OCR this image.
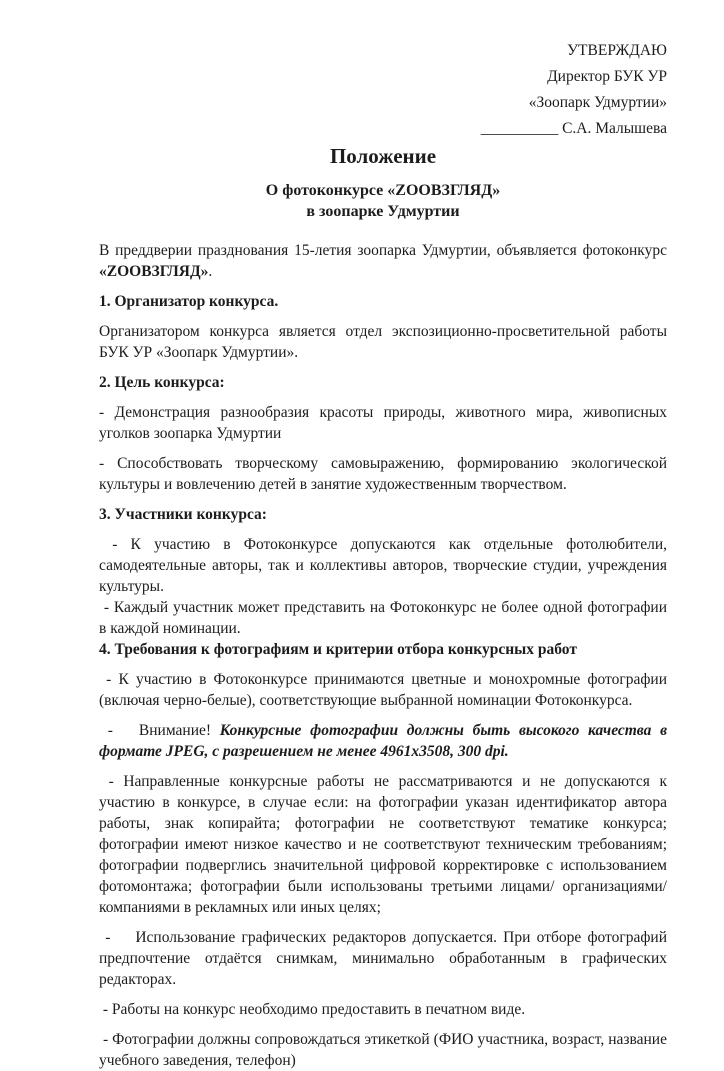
УТВЕРЖДАЮ
Директор БУК УР
«Зоопарк Удмуртии»
__________ С.А. Малышева
Положение
О фотоконкурсе «ZООВЗГЛЯД»
в зоопарке Удмуртии

В преддверии празднования 15-летия зоопарка Удмуртии, объявляется фотоконкурс «ZООВЗГЛЯД».

1. Организатор конкурса.

Организатором конкурса является отдел экспозиционно-просветительной работы БУК УР «Зоопарк Удмуртии».

2. Цель конкурса:

- Демонстрация разнообразия красоты природы, животного мира, живописных уголков зоопарка Удмуртии

- Способствовать творческому самовыражению, формированию экологической культуры и вовлечению детей в занятие художественным творчеством.

3. Участники конкурса:

- К участию в Фотоконкурсе допускаются как отдельные фотолюбители, самодеятельные авторы, так и коллективы авторов, творческие студии, учреждения культуры.

- Каждый участник может представить на Фотоконкурс не более одной фотографии в каждой номинации.

4. Требования к фотографиям и критерии отбора конкурсных работ

- К участию в Фотоконкурсе принимаются цветные и монохромные фотографии (включая черно-белые), соответствующие выбранной номинации Фотоконкурса.

-   Внимание! Конкурсные фотографии должны быть высокого качества в формате JPEG, с разрешением не менее 4961х3508, 300 dpi.

- Направленные конкурсные работы не рассматриваются и не допускаются к участию в конкурсе, в случае если: на фотографии указан идентификатор автора работы, знак копирайта; фотографии не соответствуют тематике конкурса; фотографии имеют низкое качество и не соответствуют техническим требованиям; фотографии подверглись значительной цифровой корректировке с использованием фотомонтажа; фотографии были использованы третьими лицами/ организациями/ компаниями в рекламных или иных целях;

-    Использование графических редакторов допускается. При отборе фотографий предпочтение отдаётся снимкам, минимально обработанным в графических редакторах.

- Работы на конкурс необходимо предоставить в печатном виде.

- Фотографии должны сопровождаться этикеткой (ФИО участника, возраст, название учебного заведения, телефон)
